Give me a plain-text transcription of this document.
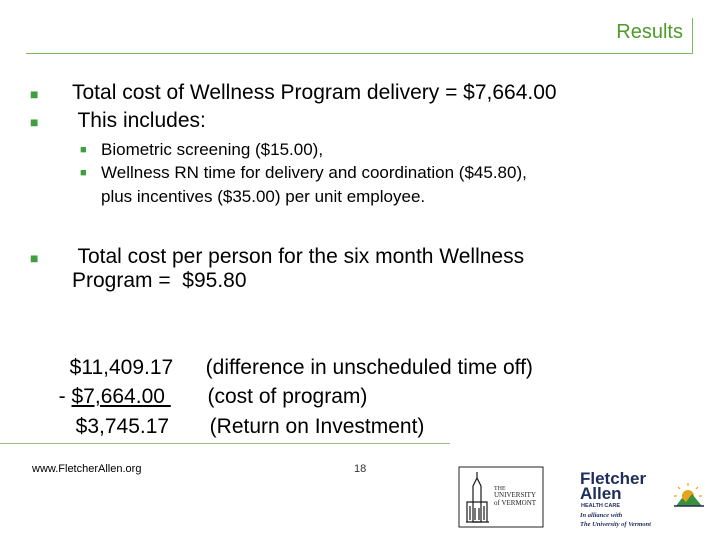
Results
■ Total cost of Wellness Program delivery = $7,664.00
■ This includes:
■ Biometric screening ($15.00),
■ Wellness RN time for delivery and coordination ($45.80),
plus incentives ($35.00) per unit employee.
■ Total cost per person for the six month Wellness
Program =  $95.80

$11,409.17 (difference in unscheduled time off)

- $7,664.00 (cost of program)

$3,745.17 (Return on Investment)

www.FletcherAllen.org	18
THE
UNIVERSITY
of VERMONT
Fletcher
Allen
HEALTH CARE
In alliance with
The University of Vermont
